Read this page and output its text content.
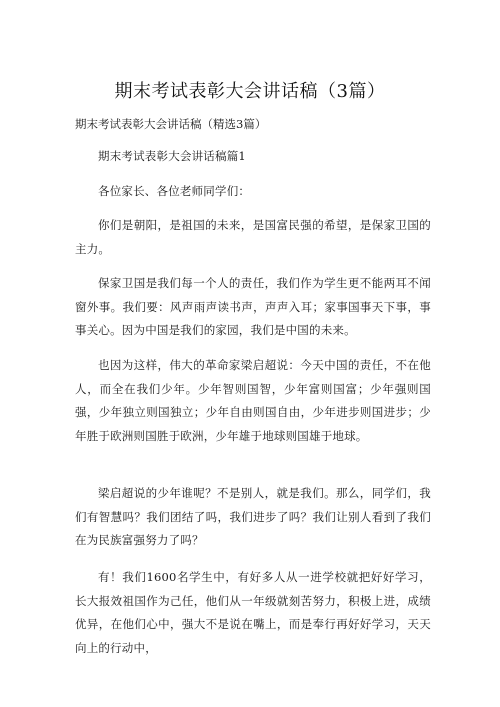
期末考试表彰大会讲话稿（3篇）

期末考试表彰大会讲话稿（精选3篇）

期末考试表彰大会讲话稿篇1

各位家长、各位老师同学们：

你们是朝阳，是祖国的未来，是国富民强的希望，是保家卫国的主力。

保家卫国是我们每一个人的责任，我们作为学生更不能两耳不闻窗外事。我们要：风声雨声读书声，声声入耳；家事国事天下事，事事关心。因为中国是我们的家园，我们是中国的未来。

也因为这样，伟大的革命家梁启超说：今天中国的责任，不在他人，而全在我们少年。少年智则国智，少年富则国富；少年强则国强，少年独立则国独立；少年自由则国自由，少年进步则国进步；少年胜于欧洲则国胜于欧洲，少年雄于地球则国雄于地球。

梁启超说的少年谁呢？不是别人，就是我们。那么，同学们，我们有智慧吗？我们团结了吗，我们进步了吗？我们让别人看到了我们在为民族富强努力了吗？

有！我们1600名学生中，有好多人从一进学校就把好好学习，长大报效祖国作为己任，他们从一年级就刻苦努力，积极上进，成绩优异，在他们心中，强大不是说在嘴上，而是奉行再好好学习，天天向上的行动中，
